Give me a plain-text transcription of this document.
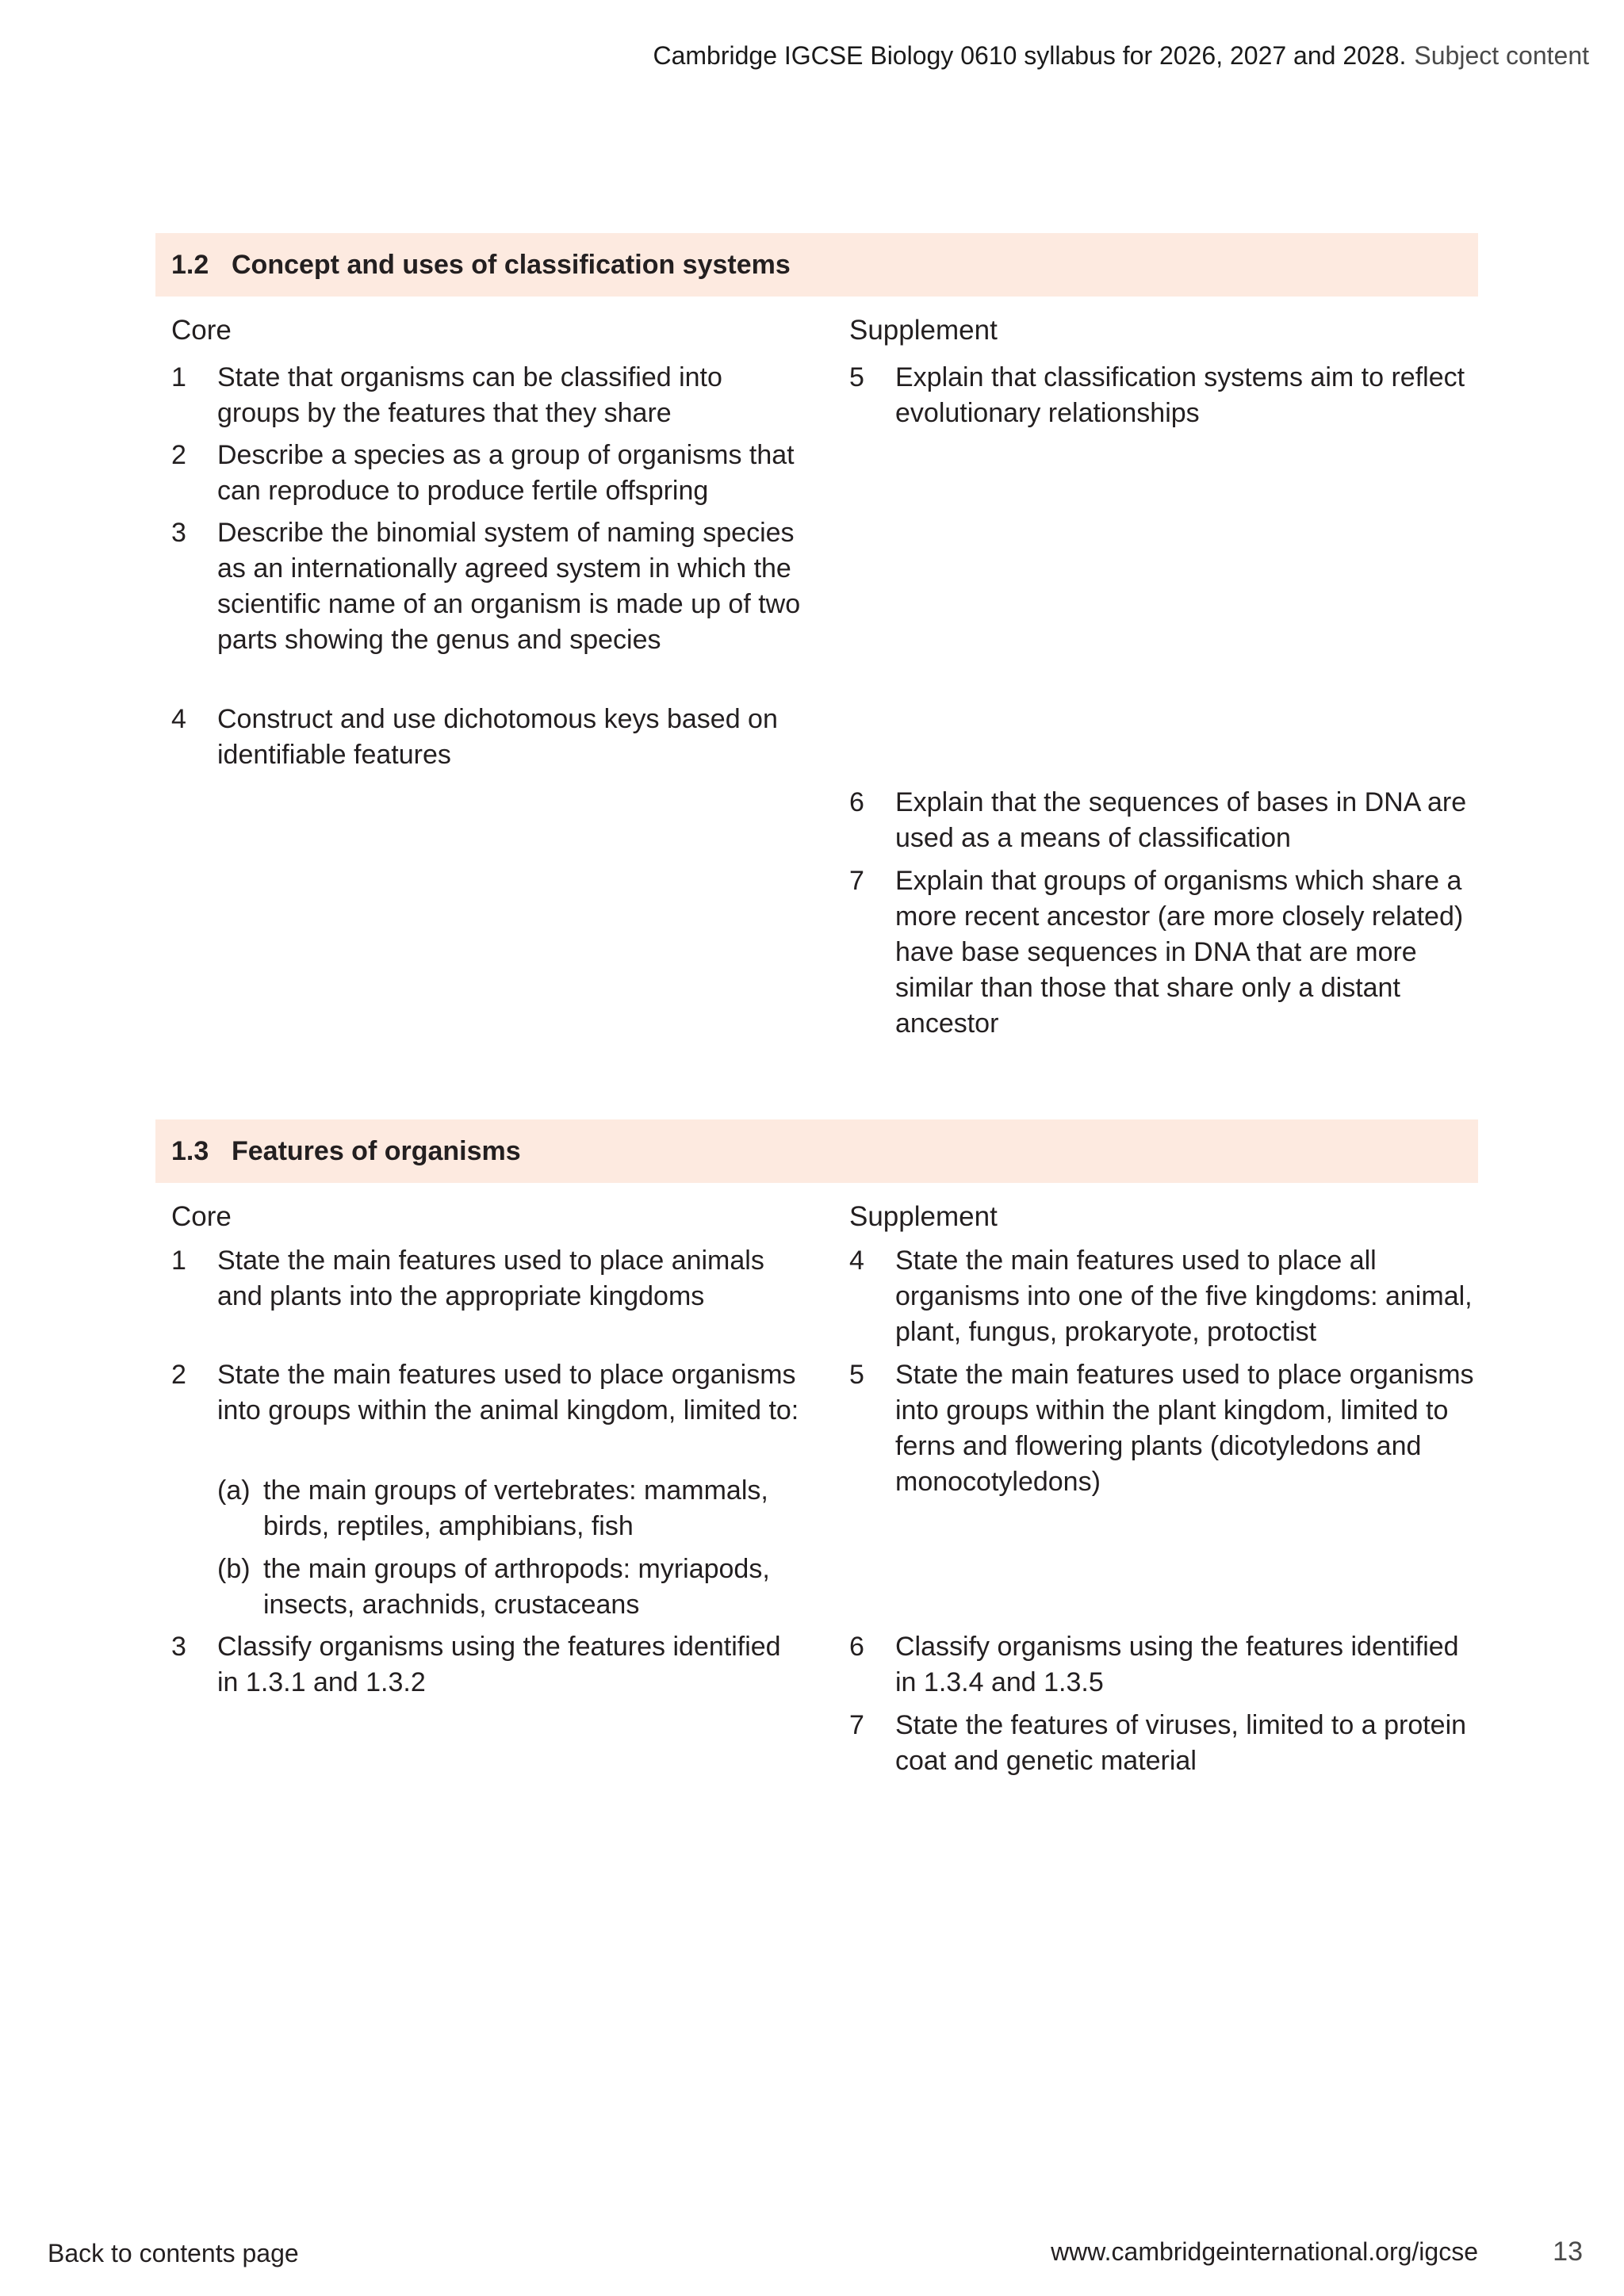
Cambridge IGCSE Biology 0610 syllabus for 2026, 2027 and 2028. Subject content
1.2 Concept and uses of classification systems
Core
1	State that organisms can be classified into groups by the features that they share
2	Describe a species as a group of organisms that can reproduce to produce fertile offspring
3	Describe the binomial system of naming species as an internationally agreed system in which the scientific name of an organism is made up of two parts showing the genus and species
4	Construct and use dichotomous keys based on identifiable features
Supplement
5	Explain that classification systems aim to reflect evolutionary relationships
6	Explain that the sequences of bases in DNA are used as a means of classification
7	Explain that groups of organisms which share a more recent ancestor (are more closely related) have base sequences in DNA that are more similar than those that share only a distant ancestor
1.3 Features of organisms
Core
1	State the main features used to place animals and plants into the appropriate kingdoms
2	State the main features used to place organisms into groups within the animal kingdom, limited to:
(a) the main groups of vertebrates: mammals, birds, reptiles, amphibians, fish
(b) the main groups of arthropods: myriapods, insects, arachnids, crustaceans
3	Classify organisms using the features identified in 1.3.1 and 1.3.2
Supplement
4	State the main features used to place all organisms into one of the five kingdoms: animal, plant, fungus, prokaryote, protoctist
5	State the main features used to place organisms into groups within the plant kingdom, limited to ferns and flowering plants (dicotyledons and monocotyledons)
6	Classify organisms using the features identified in 1.3.4 and 1.3.5
7	State the features of viruses, limited to a protein coat and genetic material
Back to contents page	www.cambridgeinternational.org/igcse	13
